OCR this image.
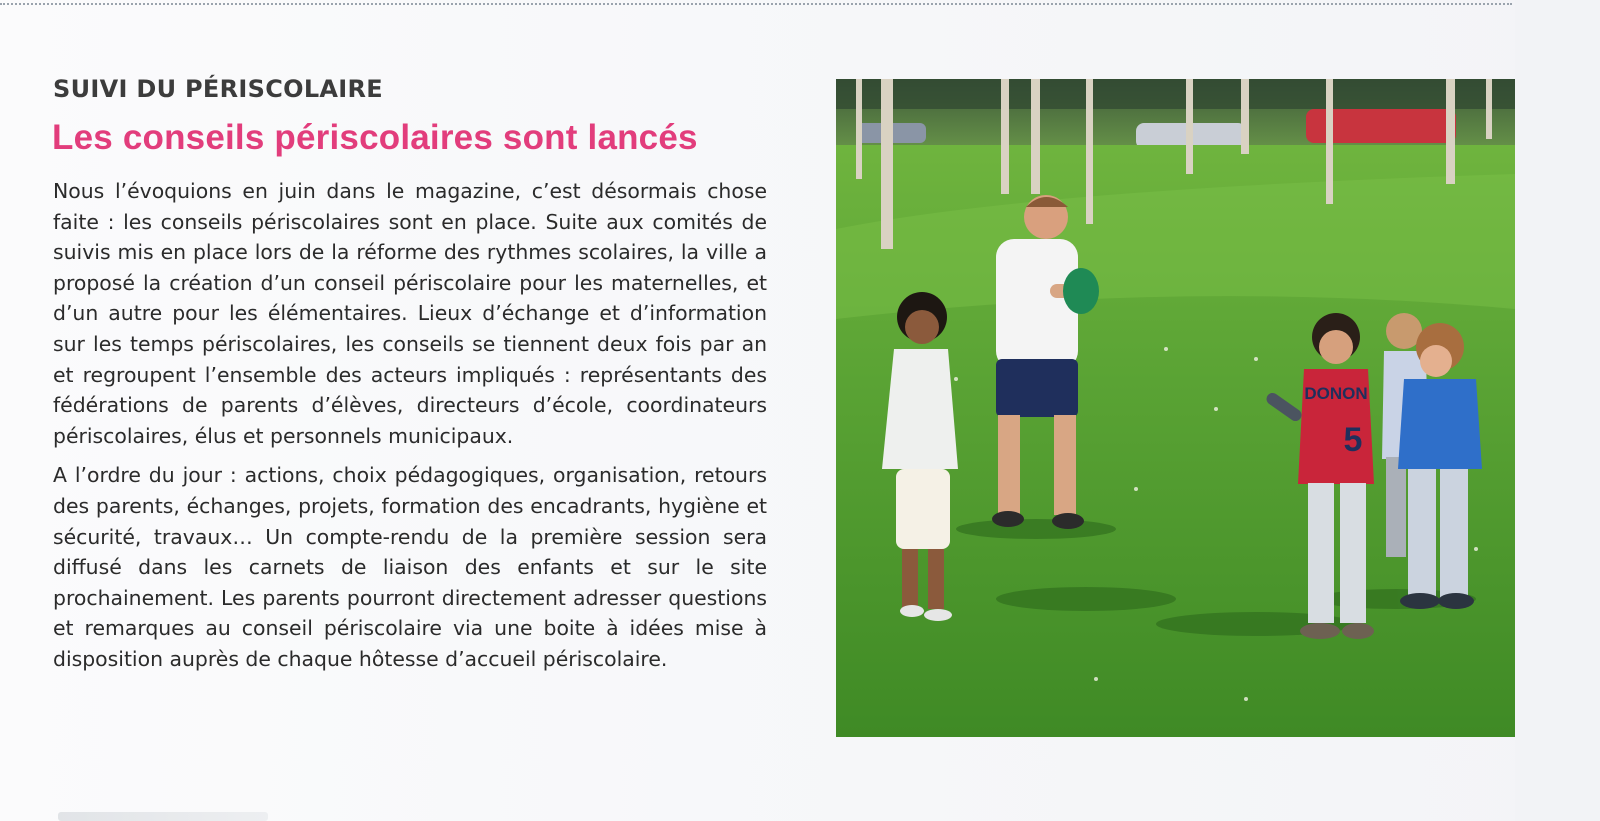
SUIVI DU PÉRISCOLAIRE
Les conseils périscolaires sont lancés

Nous l’évoquions en juin dans le magazine, c’est désormais chose faite : les conseils périscolaires sont en place. Suite aux comités de suivis mis en place lors de la réforme des rythmes scolaires, la ville a proposé la création d’un conseil périscolaire pour les maternelles, et d’un autre pour les élémentaires. Lieux d’échange et d’information sur les temps périscolaires, les conseils se tiennent deux fois par an et regroupent l’ensemble des acteurs impliqués : représentants des fédérations de parents d’élèves, directeurs d’école, coordinateurs périscolaires, élus et personnels municipaux.

A l’ordre du jour : actions, choix pédagogiques, organisation, retours des parents, échanges, projets, formation des encadrants, hygiène et sécurité, travaux… Un compte-rendu de la première session sera diffusé dans les carnets de liaison des enfants et sur le site prochainement. Les parents pourront directement adresser questions et remarques au conseil périscolaire via une boite à idées mise à disposition auprès de chaque hôtesse d’accueil périscolaire.

DONON
5
